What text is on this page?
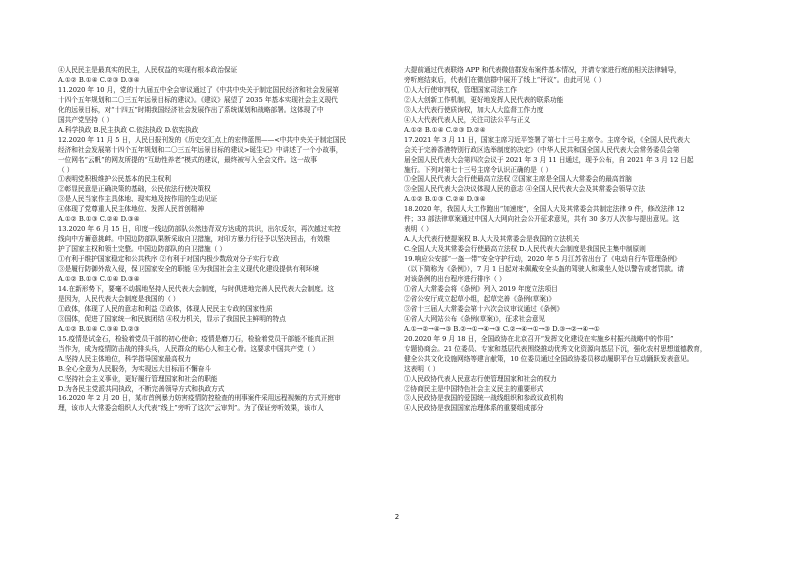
④人民民主是最真实的民主，人民权益的实现有根本政治保证
A.①② B.①④ C.②③ D.③④
11.2020 年 10 月，党的十九届五中全会审议通过了《中共中央关于制定国民经济和社会发展第
十四个五年规划和二〇三五年远景目标的建议》。《建议》展望了 2035 年基本实现社会主义现代
化的远景目标，对“十四五”时期我国经济社会发展作出了系统谋划和战略部署。这体现了中
国共产党坚持（ ）
A.科学执政 B.民主执政 C.依法执政 D.依宪执政
12.2020 年 11 月 5 日，人民日报刊发的《历史交汇点上的宏伟蓝图——<中共中央关于制定国民
经济和社会发展第十四个五年规划和二〇三五年远景目标的建议>诞生记》中讲述了一个小故事，
一位网名“云帆”的网友所提的“互助性养老”模式的建议，最终被写入全会文件。这一故事
（ ）
①表明党积极维护公民基本的民主权利
②彰显民意是正确决策的基础，公民依法行使决策权
③是人民当家作主具体地、现实地及按作用的生动见证
④体现了党尊重人民主体地位、发挥人民首创精神
A.①② B.①③ C.②④ D.③④
13.2020 年 6 月 15 日，印度一线边防部队公然违背双方达成的共识，出尔反尔，再次越过实控
线向中方蓄意挑衅。中国边防部队果断采取自卫措施，对印方暴力行径予以坚决回击，有效维
护了国家主权和领土完整。中国边防部队的自卫措施（ ）
①有利于维护国家稳定和公共秩序 ②有利于对国内极少数敌对分子实行专政
③是履行防御外敌入侵，保卫国家安全的职能 ④为我国社会主义现代化建设提供有利环境
A.①② B.①③ C.①④ D.③④
14.在新形势下，要毫不动摇地坚持人民代表大会制度，与时俱进地完善人民代表大会制度。这
是因为，人民代表大会制度是我国的（ ）
①政体，体现了人民的意志和利益 ②政体，体现人民民主专政的国家性质
③国体，促进了国家统一和民族团结 ④权力机关，显示了我国民主鲜明的特点
A.①② B.①④ C.③④ D.②③
15.疫情是试金石，检验着党员干部的初心使命；疫情是磨刀石，检验着党员干部能不能真正担
当作为，成为疫情防击战的排头兵，人民群众的贴心人和主心骨。这要求中国共产党（ ）
A.坚持人民主体地位，科学指导国家最高权力
B.全心全意为人民服务，为实现远大目标而不懈奋斗
C.坚持社会主义事业，更好履行管理国家和社会的职能
D.为各民主党派共同执政，不断完善领导方式和执政方式
16.2020 年 2 月 20 日，某市首例暴力妨害疫情防控检查的刑事案件采用远程视频的方式开庭审
理，该市人大常委会组织人大代表“线上”旁听了这次“云审判”。为了保证旁听效果，该市人
大提前通过代表联络 APP 和代表微信群发布案件基本情况，并请专家进行庭前相关法律辅导，
旁听庭结束后，代表们在微信群中展开了线上“评议”。由此可见（ ）
①人大行使审判权，管理国家司法工作
②人大创新工作机制，更好地发挥人民代表的联系功能
③人大代表行使质询权，加大人大监督工作力度
④人大代表代表人民，关注司法公平与正义
A.①② B.①④ C.②③ D.②④
17.2021 年 3 月 11 日，国家主席习近平签署了第七十三号主席令。主席令说，《全国人民代表大
会关于完善香港特别行政区选举制度的决定》（中华人民共和国全国人民代表大会常务委员会第
届全国人民代表大会第四次会议于 2021 年 3 月 11 日通过，现予公布，自 2021 年 3 月 12 日起
施行。下列对第七十三号主席令认识正确的是（ ）
①全国人民代表大会行使最高立法权 ②国家主席是全国人大常委会的最高首脑
③全国人民代表大会决议体现人民的意志 ④全国人民代表大会及其常委会领导立法
A.①② B.①③ C.②④ D.③④
18.2020 年，我国人大工作跑出“加速度”，全国人大及其常委会共制定法律 9 件，修改法律 12
件；33 部法律草案通过中国人大网向社会公开征求意见，共有 30 多万人次参与提出意见。这
表明（ ）
A.人大代表行使提案权 B.人大及其常委会是我国的立法机关
C.全国人大及其常委会行使最高立法权 D.人民代表大会制度是我国民主集中制原则
19.响应公安部“一盔一带”安全守护行动，2020 年 5 月江苏省出台了《电动自行车管理条例》
（以下简称为《条例》），7 月 1 日起对未佩戴安全头盔的驾驶人和乘坐人处以警告或者罚款。请
对该条例的出台程序进行排序（ ）
①省人大常委会将《条例》列入 2019 年度立法项目
②省公安厅成立起草小组，起草完善《条例(草案)》
③省十三届人大常委会第十六次会议审议通过《条例》
④省人大网站公布《条例(草案)》，征求社会意见
A.①→②→④→③ B.②→①→④→③ C.②→④→①→③ D.③→②→④→①
20.2020 年 9 月 18 日，全国政协在北京召开“发挥文化建设在实施乡村振兴战略中的作用”
专题协商会。21 位委员、专家和基层代表围绕推动优秀文化资源向基层下沉，强化农村思想道德教育，
健全公共文化设施网络等建言献策，10 位委员通过全国政协委员移动履职平台互动踊跃发表意见。
这表明（ ）
①人民政协代表人民意志行使管理国家和社会的权力
②协商民主是中国特色社会主义民主的重要形式
③人民政协是我国的爱国统一战线组织和参政议政机构
④人民政协是我国国家治理体系的重要组成部分
2
